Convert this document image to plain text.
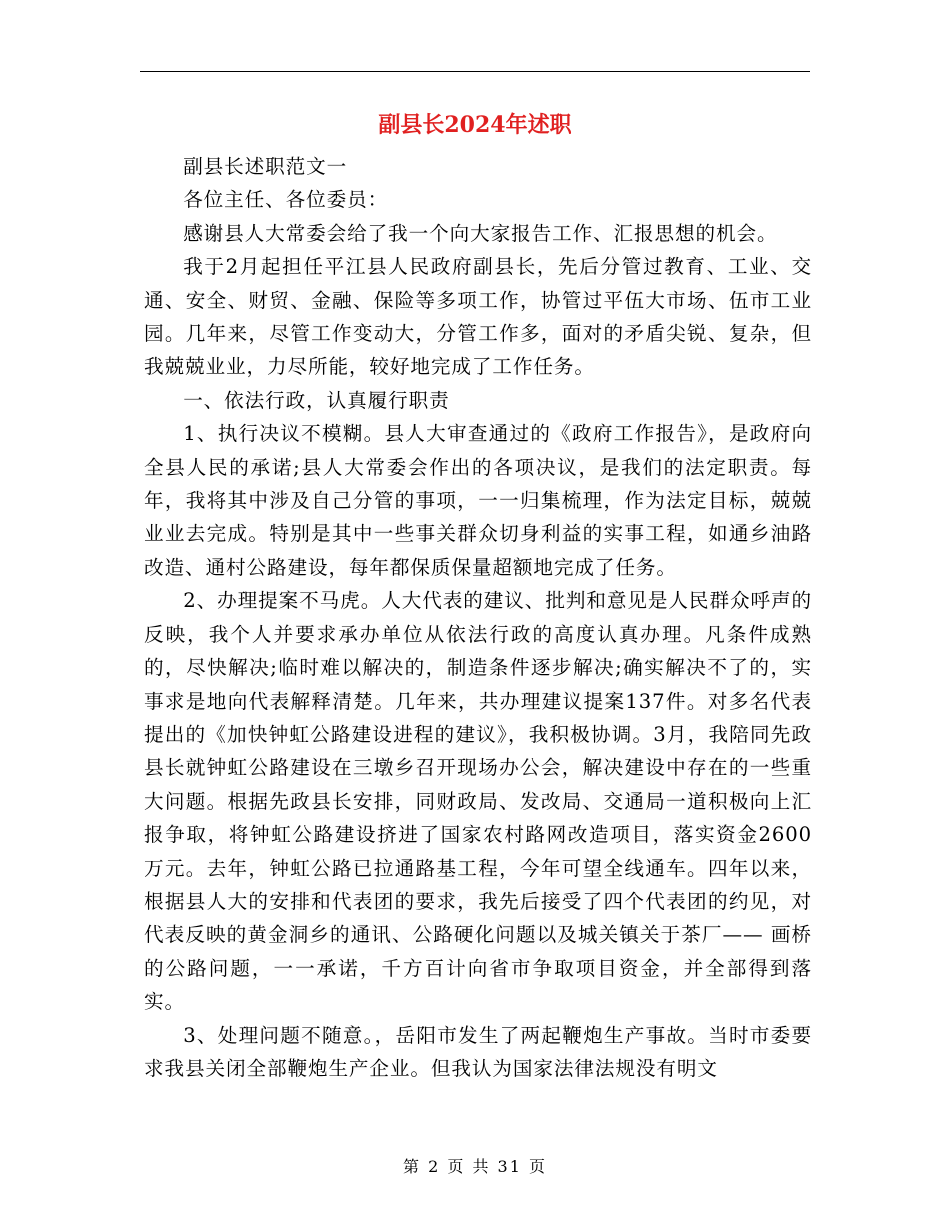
副县长2024年述职

副县长述职范文一

各位主任、各位委员：

感谢县人大常委会给了我一个向大家报告工作、汇报思想的机会。

我于2月起担任平江县人民政府副县长，先后分管过教育、工业、交通、安全、财贸、金融、保险等多项工作，协管过平伍大市场、伍市工业园。几年来，尽管工作变动大，分管工作多，面对的矛盾尖锐、复杂，但我兢兢业业，力尽所能，较好地完成了工作任务。

一、依法行政，认真履行职责

1、执行决议不模糊。县人大审查通过的《政府工作报告》，是政府向全县人民的承诺;县人大常委会作出的各项决议，是我们的法定职责。每年，我将其中涉及自己分管的事项，一一归集梳理，作为法定目标，兢兢业业去完成。特别是其中一些事关群众切身利益的实事工程，如通乡油路改造、通村公路建设，每年都保质保量超额地完成了任务。

2、办理提案不马虎。人大代表的建议、批判和意见是人民群众呼声的反映，我个人并要求承办单位从依法行政的高度认真办理。凡条件成熟的，尽快解决;临时难以解决的，制造条件逐步解决;确实解决不了的，实事求是地向代表解释清楚。几年来，共办理建议提案137件。对多名代表提出的《加快钟虹公路建设进程的建议》，我积极协调。3月，我陪同先政县长就钟虹公路建设在三墩乡召开现场办公会，解决建设中存在的一些重大问题。根据先政县长安排，同财政局、发改局、交通局一道积极向上汇报争取，将钟虹公路建设挤进了国家农村路网改造项目，落实资金2600万元。去年，钟虹公路已拉通路基工程，今年可望全线通车。四年以来，根据县人大的安排和代表团的要求，我先后接受了四个代表团的约见，对代表反映的黄金洞乡的通讯、公路硬化问题以及城关镇关于茶厂—— 画桥的公路问题，一一承诺，千方百计向省市争取项目资金，并全部得到落实。

3、处理问题不随意。，岳阳市发生了两起鞭炮生产事故。当时市委要求我县关闭全部鞭炮生产企业。但我认为国家法律法规没有明文

第 2 页 共 31 页
